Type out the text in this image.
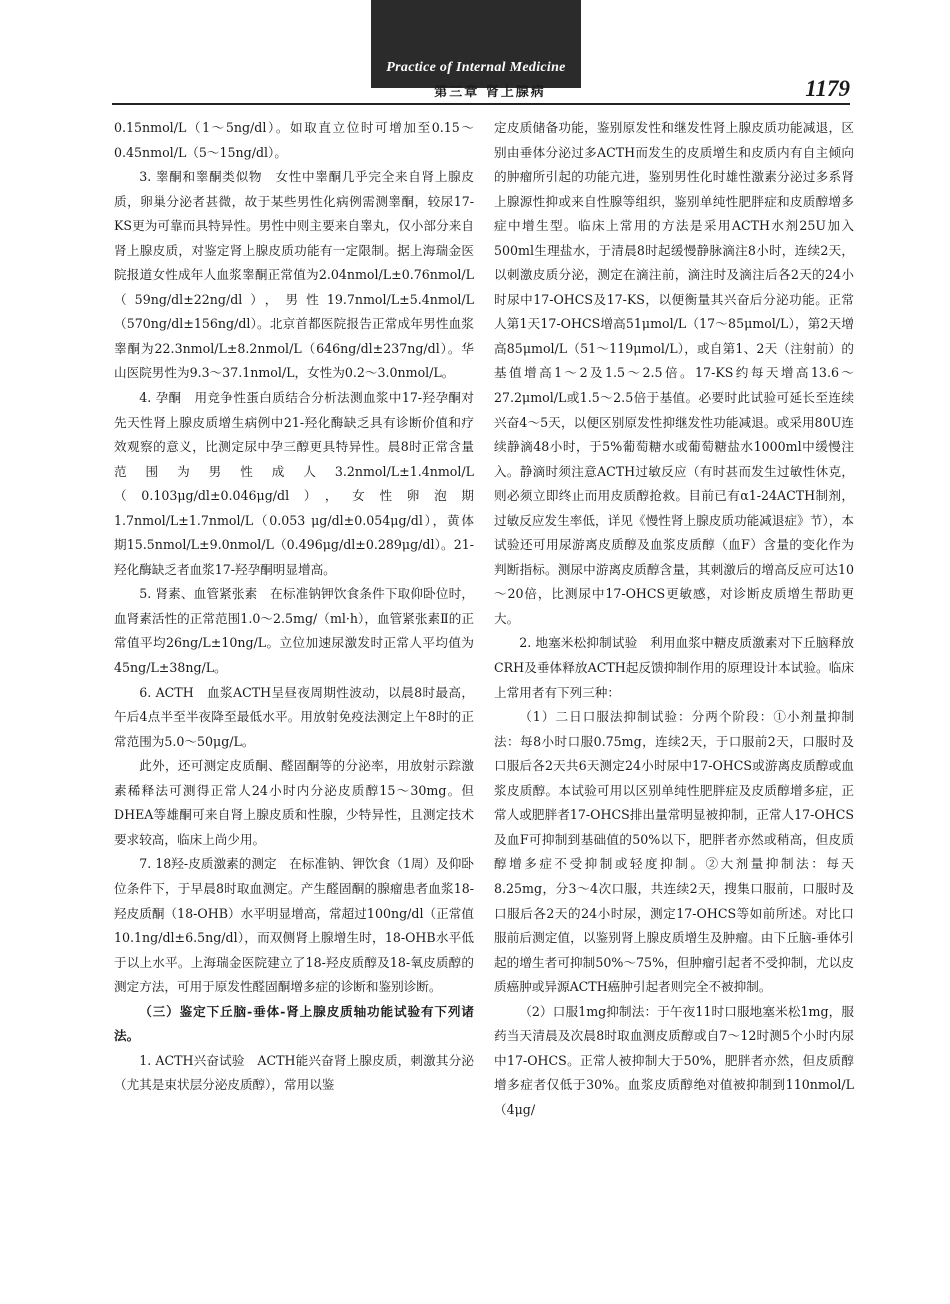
Practice of Internal Medicine
第三章 肾上腺病	1179

0.15nmol/L（1～5ng/dl）。如取直立位时可增加至0.15～0.45nmol/L（5～15ng/dl）。

3. 睾酮和睾酮类似物　女性中睾酮几乎完全来自肾上腺皮质，卵巢分泌者甚微，故于某些男性化病例需测睾酮，较尿17-KS更为可靠而具特异性。男性中则主要来自睾丸，仅小部分来自肾上腺皮质，对鉴定肾上腺皮质功能有一定限制。据上海瑞金医院报道女性成年人血浆睾酮正常值为2.04nmol/L±0.76nmol/L（59ng/dl±22ng/dl），男性19.7nmol/L±5.4nmol/L（570ng/dl±156ng/dl）。北京首都医院报告正常成年男性血浆睾酮为22.3nmol/L±8.2nmol/L（646ng/dl±237ng/dl）。华山医院男性为9.3～37.1nmol/L，女性为0.2～3.0nmol/L。

4. 孕酮　用竞争性蛋白质结合分析法测血浆中17-羟孕酮对先天性肾上腺皮质增生病例中21-羟化酶缺乏具有诊断价值和疗效观察的意义，比测定尿中孕三醇更具特异性。晨8时正常含量范围为男性成人3.2nmol/L±1.4nmol/L（0.103μg/dl±0.046μg/dl），女性卵泡期1.7nmol/L±1.7nmol/L（0.053 μg/dl±0.054μg/dl），黄体期15.5nmol/L±9.0nmol/L（0.496μg/dl±0.289μg/dl）。21-羟化酶缺乏者血浆17-羟孕酮明显增高。

5. 肾素、血管紧张素　在标准钠钾饮食条件下取仰卧位时，血肾素活性的正常范围1.0～2.5mg/（ml·h），血管紧张素Ⅱ的正常值平均26ng/L±10ng/L。立位加速尿激发时正常人平均值为45ng/L±38ng/L。

6. ACTH　血浆ACTH呈昼夜周期性波动，以晨8时最高，午后4点半至半夜降至最低水平。用放射免疫法测定上午8时的正常范围为5.0～50μg/L。

此外，还可测定皮质酮、醛固酮等的分泌率，用放射示踪激素稀释法可测得正常人24小时内分泌皮质醇15～30mg。但DHEA等雄酮可来自肾上腺皮质和性腺，少特异性，且测定技术要求较高，临床上尚少用。

7. 18羟-皮质激素的测定　在标准钠、钾饮食（1周）及仰卧位条件下，于早晨8时取血测定。产生醛固酮的腺瘤患者血浆18-羟皮质酮（18-OHB）水平明显增高，常超过100ng/dl（正常值10.1ng/dl±6.5ng/dl），而双侧肾上腺增生时，18-OHB水平低于以上水平。上海瑞金医院建立了18-羟皮质醇及18-氧皮质醇的测定方法，可用于原发性醛固酮增多症的诊断和鉴别诊断。

（三）鉴定下丘脑-垂体-肾上腺皮质轴功能试验有下列诸法。

1. ACTH兴奋试验　ACTH能兴奋肾上腺皮质，刺激其分泌（尤其是束状层分泌皮质醇），常用以鉴

定皮质储备功能，鉴别原发性和继发性肾上腺皮质功能减退，区别由垂体分泌过多ACTH而发生的皮质增生和皮质内有自主倾向的肿瘤所引起的功能亢进，鉴别男性化时雄性激素分泌过多系肾上腺源性抑或来自性腺等组织，鉴别单纯性肥胖症和皮质醇增多症中增生型。临床上常用的方法是采用ACTH水剂25U加入500ml生理盐水，于清晨8时起缓慢静脉滴注8小时，连续2天，以刺激皮质分泌，测定在滴注前，滴注时及滴注后各2天的24小时尿中17-OHCS及17-KS，以便衡量其兴奋后分泌功能。正常人第1天17-OHCS增高51μmol/L（17～85μmol/L），第2天增高85μmol/L（51～119μmol/L），或自第1、2天（注射前）的基值增高1～2及1.5～2.5倍。17-KS约每天增高13.6～27.2μmol/L或1.5～2.5倍于基值。必要时此试验可延长至连续兴奋4～5天，以便区别原发性抑继发性功能减退。或采用80U连续静滴48小时，于5%葡萄糖水或葡萄糖盐水1000ml中缓慢注入。静滴时须注意ACTH过敏反应（有时甚而发生过敏性休克，则必须立即终止而用皮质醇抢救。目前已有α1-24ACTH制剂，过敏反应发生率低，详见《慢性肾上腺皮质功能减退症》节），本试验还可用尿游离皮质醇及血浆皮质醇（血F）含量的变化作为判断指标。测尿中游离皮质醇含量，其刺激后的增高反应可达10～20倍，比测尿中17-OHCS更敏感，对诊断皮质增生帮助更大。

2. 地塞米松抑制试验　利用血浆中糖皮质激素对下丘脑释放CRH及垂体释放ACTH起反馈抑制作用的原理设计本试验。临床上常用者有下列三种：

（1）二日口服法抑制试验：分两个阶段：①小剂量抑制法：每8小时口服0.75mg，连续2天，于口服前2天，口服时及口服后各2天共6天测定24小时尿中17-OHCS或游离皮质醇或血浆皮质醇。本试验可用以区别单纯性肥胖症及皮质醇增多症，正常人或肥胖者17-OHCS排出量常明显被抑制，正常人17-OHCS及血F可抑制到基础值的50%以下，肥胖者亦然或稍高，但皮质醇增多症不受抑制或轻度抑制。②大剂量抑制法：每天8.25mg，分3～4次口服，共连续2天，搜集口服前，口服时及口服后各2天的24小时尿，测定17-OHCS等如前所述。对比口服前后测定值，以鉴别肾上腺皮质增生及肿瘤。由下丘脑-垂体引起的增生者可抑制50%～75%，但肿瘤引起者不受抑制，尤以皮质癌肿或异源ACTH癌肿引起者则完全不被抑制。

（2）口服1mg抑制法：于午夜11时口服地塞米松1mg，服药当天清晨及次晨8时取血测皮质醇或自7～12时测5个小时内尿中17-OHCS。正常人被抑制大于50%，肥胖者亦然，但皮质醇增多症者仅低于30%。血浆皮质醇绝对值被抑制到110nmol/L（4μg/
